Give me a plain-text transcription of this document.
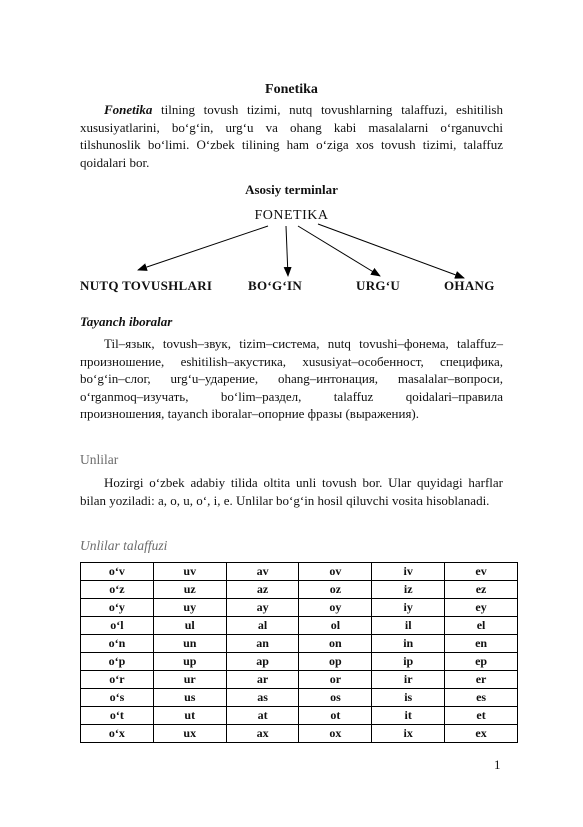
Fonetika

Fonetika tilning tovush tizimi, nutq tovushlarning talaffuzi, eshitilish xususiyatlarini, bo‘g‘in, urg‘u va ohang kabi masalalarni o‘rganuvchi tilshunoslik bo‘limi. O‘zbek tilining ham o‘ziga xos tovush tizimi, talaffuz qoidalari bor.

Asosiy terminlar
FONETIKA
NUTQ TOVUSHLARI	BO‘G‘IN	URG‘U	OHANG
Tayanch iboralar

Til–язык, tovush–звук, tizim–система, nutq tovushi–фонема, talaffuz–произношение, eshitilish–акустика, xususiyat–особенност, специфика, bo‘g‘in–слог, urg‘u–ударение, ohang–интонация, masalalar–вопроси, o‘rganmoq–изучать, bo‘lim–раздел, talaffuz qoidalari–правила произношения, tayanch iboralar–опорние фразы (выражения).

Unlilar

Hozirgi o‘zbek adabiy tilida oltita unli tovush bor. Ular quyidagi harflar bilan yoziladi: a, o, u, o‘, i, e. Unlilar bo‘g‘in hosil qiluvchi vosita hisoblanadi.

Unlilar talaffuzi
o‘v	uv	av	ov	iv	ev
o‘z	uz	az	oz	iz	ez
o‘y	uy	ay	oy	iy	ey
o‘l	ul	al	ol	il	el
o‘n	un	an	on	in	en
o‘p	up	ap	op	ip	ep
o‘r	ur	ar	or	ir	er
o‘s	us	as	os	is	es
o‘t	ut	at	ot	it	et
o‘x	ux	ax	ox	ix	ex
1
